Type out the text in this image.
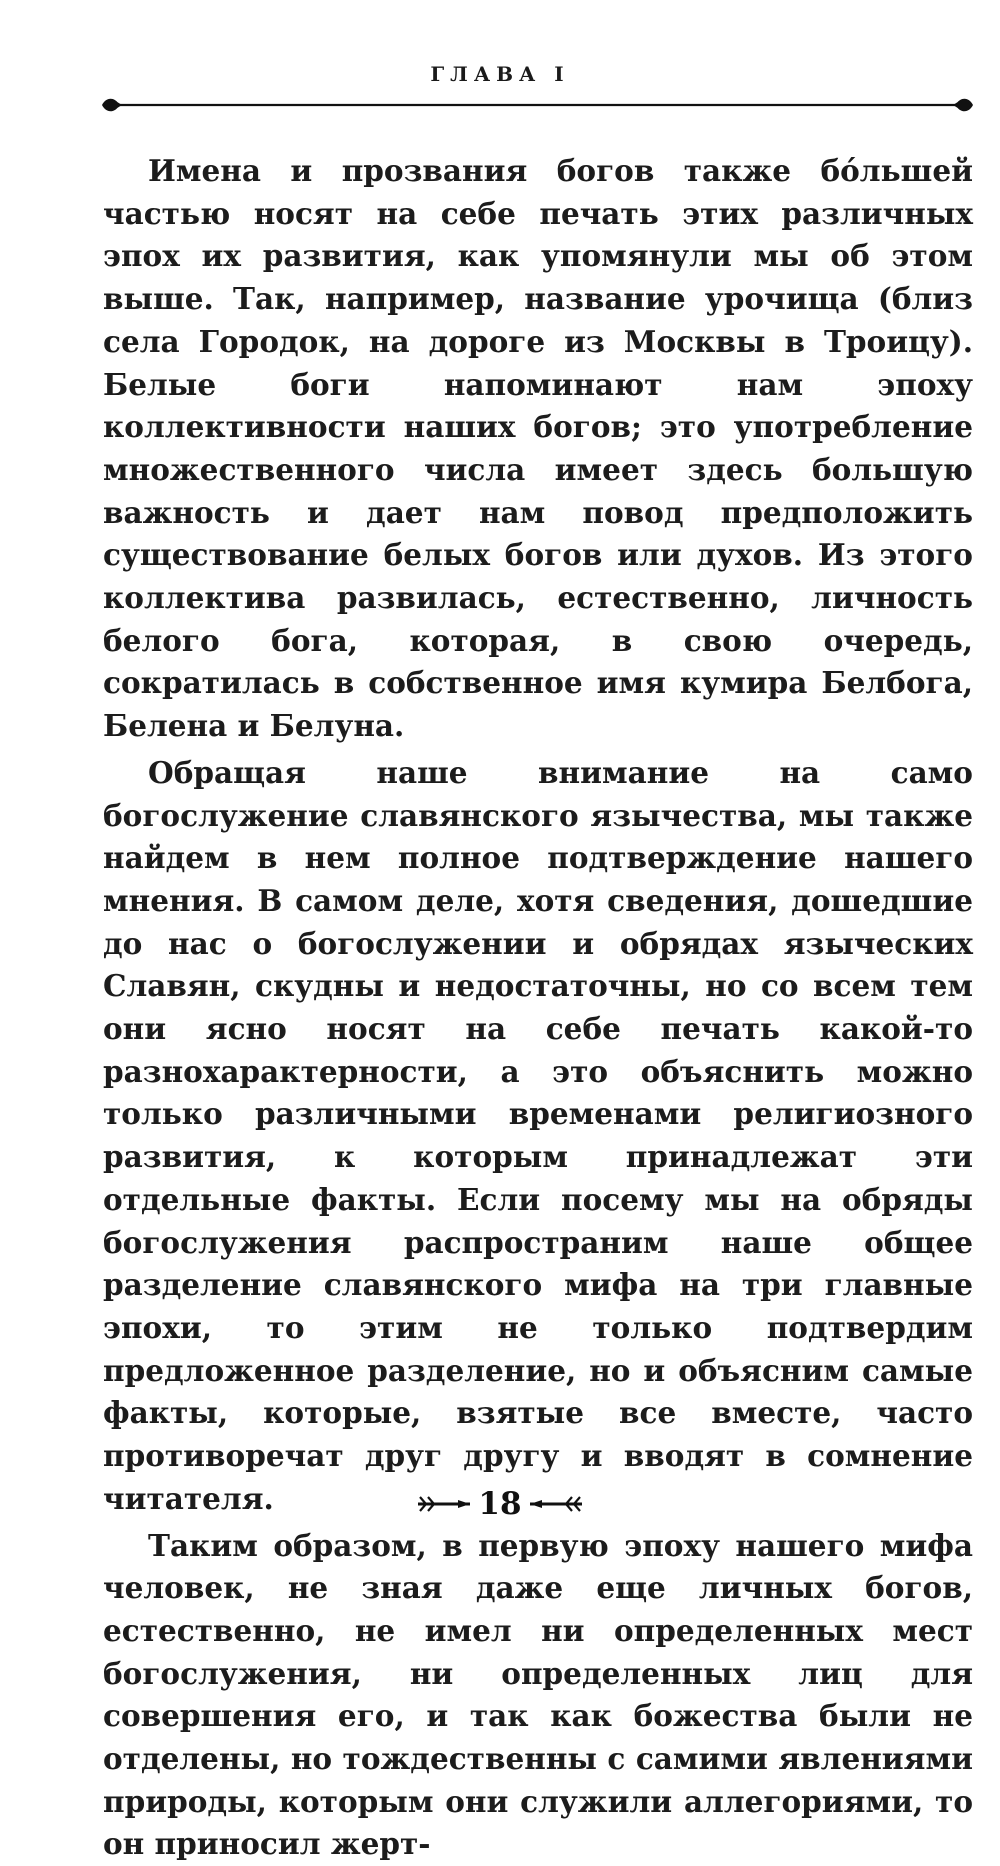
ГЛАВА I

Имена и прозвания богов также бóльшей частью носят на себе печать этих различных эпох их развития, как упомянули мы об этом выше. Так, например, название урочища (близ села Городок, на дороге из Москвы в Троицу). Белые боги напоминают нам эпоху коллективности наших богов; это употребление множественного числа имеет здесь большую важность и дает нам повод предположить существование белых богов или духов. Из этого коллектива развилась, естественно, личность белого бога, которая, в свою очередь, сократилась в собственное имя кумира Белбога, Белена и Белуна.

Обращая наше внимание на само богослужение славянского язычества, мы также найдем в нем полное подтверждение нашего мнения. В самом деле, хотя сведения, дошедшие до нас о богослужении и обрядах языческих Славян, скудны и недостаточны, но со всем тем они ясно носят на себе печать какой-то разнохарактерности, а это объяснить можно только различными временами религиозного развития, к которым принадлежат эти отдельные факты. Если посему мы на обряды богослужения распространим наше общее разделение славянского мифа на три главные эпохи, то этим не только подтвердим предложенное разделение, но и объясним самые факты, которые, взятые все вместе, часто противоречат друг другу и вводят в сомнение читателя.

Таким образом, в первую эпоху нашего мифа человек, не зная даже еще личных богов, естественно, не имел ни определенных мест богослужения, ни определенных лиц для совершения его, и так как божества были не отделены, но тождественны с самими явлениями природы, которым они служили аллегориями, то он приносил жерт-

18
